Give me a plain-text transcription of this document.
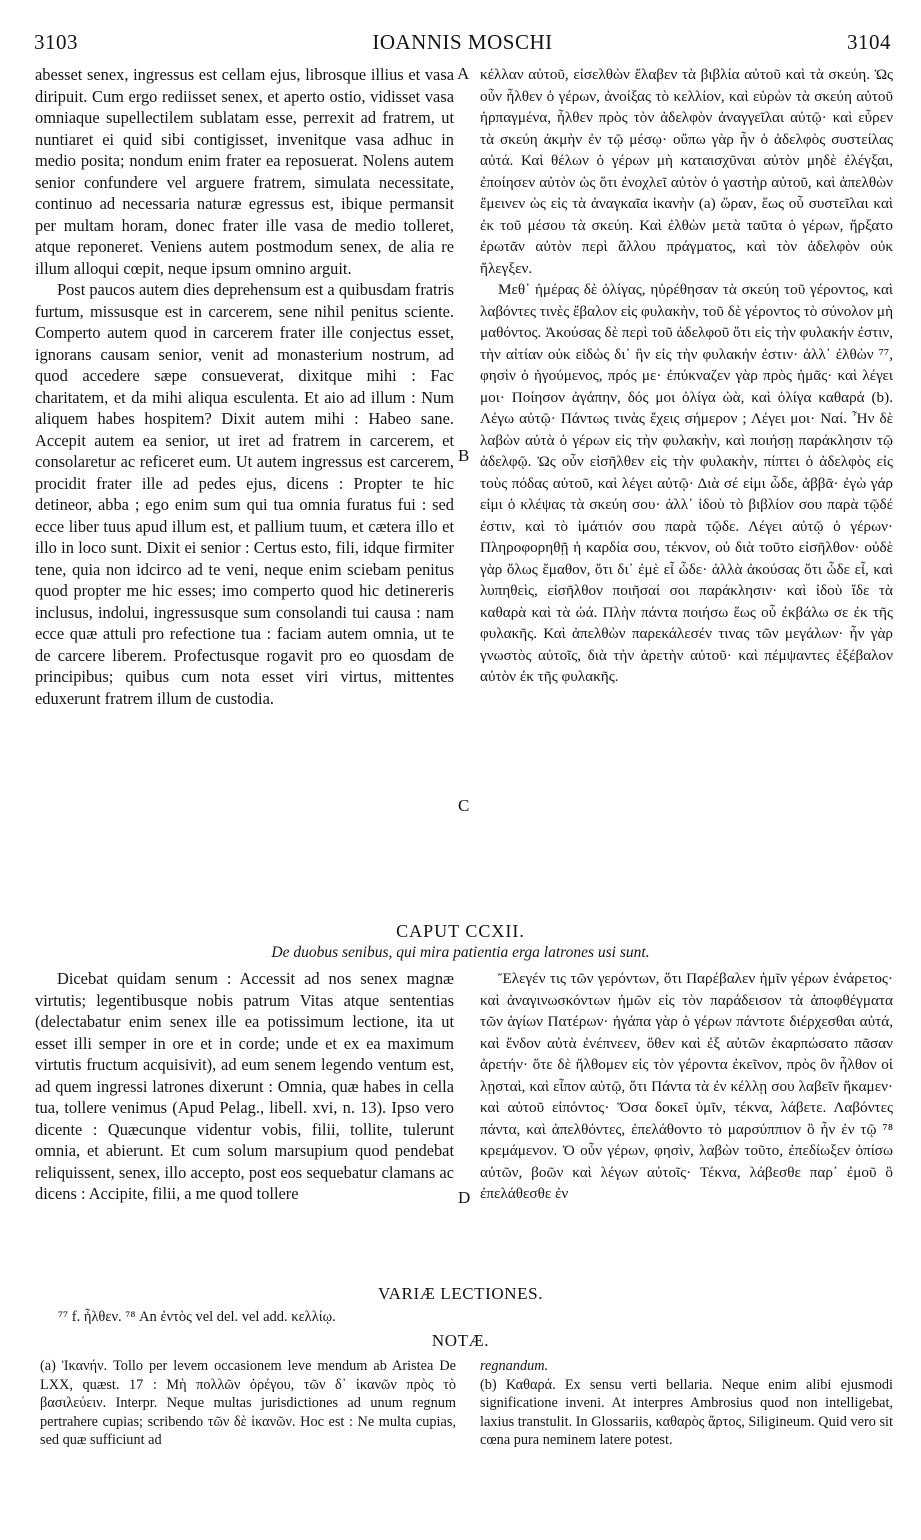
3103	IOANNIS MOSCHI	3104

abesset senex, ingressus est cellam ejus, librosque illius et vasa diripuit. Cum ergo rediisset senex, et aperto ostio, vidisset vasa omniaque supellectilem sublatam esse, perrexit ad fratrem, ut nuntiaret ei quid sibi contigisset, invenitque vasa adhuc in medio posita; nondum enim frater ea reposuerat. Nolens autem senior confundere vel arguere fratrem, simulata necessitate, continuo ad necessaria naturæ egressus est, ibique permansit per multam horam, donec frater ille vasa de medio tolleret, atque reponeret. Veniens autem postmodum senex, de alia re illum alloqui cœpit, neque ipsum omnino arguit.

Post paucos autem dies deprehensum est a quibusdam fratris furtum, missusque est in carcerem, sene nihil penitus sciente. Comperto autem quod in carcerem frater ille conjectus esset, ignorans causam senior, venit ad monasterium nostrum, ad quod accedere sæpe consueverat, dixitque mihi : Fac charitatem, et da mihi aliqua esculenta. Et aio ad illum : Num aliquem habes hospitem? Dixit autem mihi : Habeo sane. Accepit autem ea senior, ut iret ad fratrem in carcerem, et consolaretur ac reficeret eum. Ut autem ingressus est carcerem, procidit frater ille ad pedes ejus, dicens : Propter te hic detineor, abba ; ego enim sum qui tua omnia furatus fui : sed ecce liber tuus apud illum est, et pallium tuum, et cætera illo et illo in loco sunt. Dixit ei senior : Certus esto, fili, idque firmiter tene, quia non idcirco ad te veni, neque enim sciebam penitus quod propter me hic esses; imo comperto quod hic detinereris inclusus, indolui, ingressusque sum consolandi tui causa : nam ecce quæ attuli pro refectione tua : faciam autem omnia, ut te de carcere liberem. Profectusque rogavit pro eo quosdam de principibus; quibus cum nota esset viri virtus, mittentes eduxerunt fratrem illum de custodia.

κέλλαν αὐτοῦ, εἰσελθὼν ἔλαβεν τὰ βιβλία αὐτοῦ καὶ τὰ σκεύη. Ὡς οὖν ἦλθεν ὁ γέρων, ἀνοίξας τὸ κελλίον, καὶ εὑρὼν τὰ σκεύη αὐτοῦ ἡρπαγμένα, ἦλθεν πρὸς τὸν ἀδελφὸν ἀναγγεῖλαι αὐτῷ· καὶ εὗρεν τὰ σκεύη ἀκμὴν ἐν τῷ μέσῳ· οὔπω γὰρ ἦν ὁ ἀδελφὸς συστείλας αὐτά. Καὶ θέλων ὁ γέρων μὴ καταισχῦναι αὐτὸν μηδὲ ἐλέγξαι, ἐποίησεν αὐτὸν ὡς ὅτι ἐνοχλεῖ αὐτὸν ὁ γαστὴρ αὐτοῦ, καὶ ἀπελθὼν ἔμεινεν ὡς εἰς τὰ ἀναγκαῖα ἱκανὴν (a) ὥραν, ἕως οὗ συστεῖλαι καὶ ἐκ τοῦ μέσου τὰ σκεύη. Καὶ ἐλθὼν μετὰ ταῦτα ὁ γέρων, ἤρξατο ἐρωτᾶν αὐτὸν περὶ ἄλλου πράγματος, καὶ τὸν ἀδελφὸν οὐκ ἤλεγξεν.

Μεθ᾽ ἡμέρας δὲ ὀλίγας, ηὑρέθησαν τὰ σκεύη τοῦ γέροντος, καὶ λαβόντες τινὲς ἔβαλον εἰς φυλακὴν, τοῦ δὲ γέροντος τὸ σύνολον μὴ μαθόντος. Ἀκούσας δὲ περὶ τοῦ ἀδελφοῦ ὅτι εἰς τὴν φυλακήν ἐστιν, τὴν αἰτίαν οὐκ εἰδὼς δι᾽ ἣν εἰς τὴν φυλακήν ἐστιν· ἀλλ᾽ ἐλθὼν ⁷⁷, φησὶν ὁ ἡγούμενος, πρός με· ἐπύκναζεν γὰρ πρὸς ἡμᾶς· καὶ λέγει μοι· Ποίησον ἀγάπην, δός μοι ὀλίγα ὠὰ, καὶ ὀλίγα καθαρά (b). Λέγω αὐτῷ· Πάντως τινὰς ἔχεις σήμερον ; Λέγει μοι· Ναί. Ἦν δὲ λαβὼν αὐτὰ ὁ γέρων εἰς τὴν φυλακὴν, καὶ ποιήσῃ παράκλησιν τῷ ἀδελφῷ. Ὡς οὖν εἰσῆλθεν εἰς τὴν φυλακὴν, πίπτει ὁ ἀδελφὸς εἰς τοὺς πόδας αὐτοῦ, καὶ λέγει αὐτῷ· Διὰ σέ εἰμι ὧδε, ἀββᾶ· ἐγὼ γάρ εἰμι ὁ κλέψας τὰ σκεύη σου· ἀλλ᾽ ἰδοὺ τὸ βιβλίον σου παρὰ τῷδέ ἐστιν, καὶ τὸ ἱμάτιόν σου παρὰ τῷδε. Λέγει αὐτῷ ὁ γέρων· Πληροφορηθῇ ἡ καρδία σου, τέκνον, οὐ διὰ τοῦτο εἰσῆλθον· οὐδὲ γὰρ ὅλως ἔμαθον, ὅτι δι᾽ ἐμὲ εἶ ὧδε· ἀλλὰ ἀκούσας ὅτι ὧδε εἶ, καὶ λυπηθεὶς, εἰσῆλθον ποιῆσαί σοι παράκλησιν· καὶ ἰδοὺ ἴδε τὰ καθαρὰ καὶ τὰ ὠά. Πλὴν πάντα ποιήσω ἕως οὗ ἐκβάλω σε ἐκ τῆς φυλακῆς. Καὶ ἀπελθὼν παρεκάλεσέν τινας τῶν μεγάλων· ἦν γὰρ γνωστὸς αὐτοῖς, διὰ τὴν ἀρετὴν αὐτοῦ· καὶ πέμψαντες ἐξέβαλον αὐτὸν ἐκ τῆς φυλακῆς.

A
B
C
D
CAPUT CCXII.
De duobus senibus, qui mira patientia erga latrones usi sunt.

Dicebat quidam senum : Accessit ad nos senex magnæ virtutis; legentibusque nobis patrum Vitas atque sententias (delectabatur enim senex ille ea potissimum lectione, ita ut esset illi semper in ore et in corde; unde et ex ea maximum virtutis fructum acquisivit), ad eum senem legendo ventum est, ad quem ingressi latrones dixerunt : Omnia, quæ habes in cella tua, tollere venimus (Apud Pelag., libell. xvi, n. 13). Ipso vero dicente : Quæcunque videntur vobis, filii, tollite, tulerunt omnia, et abierunt. Et cum solum marsupium quod pendebat reliquissent, senex, illo accepto, post eos sequebatur clamans ac dicens : Accipite, filii, a me quod tollere

Ἔλεγέν τις τῶν γερόντων, ὅτι Παρέβαλεν ἡμῖν γέρων ἐνάρετος· καὶ ἀναγινωσκόντων ἡμῶν εἰς τὸν παράδεισον τὰ ἀποφθέγματα τῶν ἁγίων Πατέρων· ἠγάπα γὰρ ὁ γέρων πάντοτε διέρχεσθαι αὐτά, καὶ ἔνδον αὐτὰ ἐνέπνεεν, ὅθεν καὶ ἐξ αὐτῶν ἐκαρπώσατο πᾶσαν ἀρετήν· ὅτε δὲ ἤλθομεν εἰς τὸν γέροντα ἐκεῖνον, πρὸς ὃν ἦλθον οἱ λῃσταὶ, καὶ εἶπον αὐτῷ, ὅτι Πάντα τὰ ἐν κέλλῃ σου λαβεῖν ἥκαμεν· καὶ αὐτοῦ εἰπόντος· Ὅσα δοκεῖ ὑμῖν, τέκνα, λάβετε. Λαβόντες πάντα, καὶ ἀπελθόντες, ἐπελάθοντο τὸ μαρσύππιον ὃ ἦν ἐν τῷ ⁷⁸ κρεμάμενον. Ὁ οὖν γέρων, φησὶν, λαβὼν τοῦτο, ἐπεδίωξεν ὀπίσω αὐτῶν, βοῶν καὶ λέγων αὐτοῖς· Τέκνα, λάβεσθε παρ᾽ ἐμοῦ ὃ ἐπελάθεσθε ἐν

VARIÆ LECTIONES.
⁷⁷ f. ἦλθεν. ⁷⁸ An ἐντὸς vel del. vel add. κελλίῳ.
NOTÆ.

(a) Ἱκανήν. Tollo per levem occasionem leve mendum ab Aristea De LXX, quæst. 17 : Μὴ πολλῶν ὀρέγου, τῶν δ᾽ ἱκανῶν πρὸς τὸ βασιλεύειν. Interpr. Neque multas jurisdictiones ad unum regnum pertrahere cupias; scribendo τῶν δὲ ἱκανῶν. Hoc est : Ne multa cupias, sed quæ sufficiunt ad

regnandum.

(b) Καθαρά. Ex sensu verti bellaria. Neque enim alibi ejusmodi significatione inveni. At interpres Ambrosius quod non intelligebat, laxius transtulit. In Glossariis, καθαρὸς ἄρτος, Siligineum. Quid vero sit cœna pura neminem latere potest.
